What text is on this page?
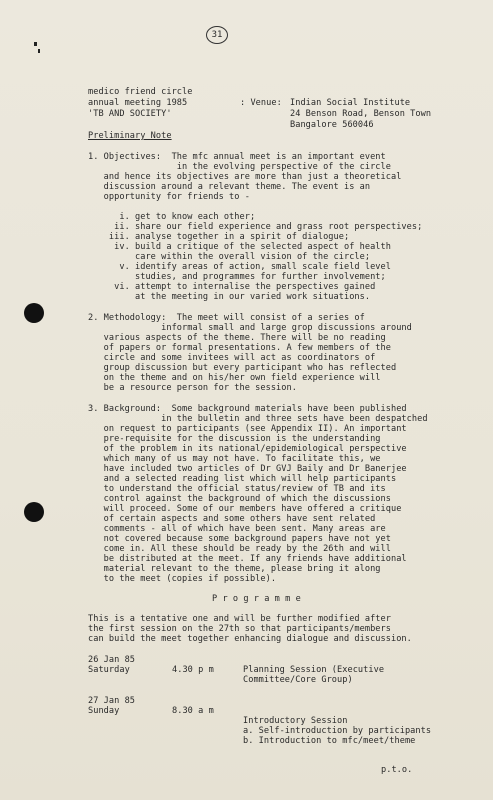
31
medico friend circle
annual meeting 1985
'TB AND SOCIETY'
: Venue: Indian Social Institute
24 Benson Road, Benson Town
Bangalore 560046
Preliminary Note
1. Objectives:  The mfc annual meet is an important event
in the evolving perspective of the circle
and hence its objectives are more than just a theoretical
discussion around a relevant theme. The event is an
opportunity for friends to -
i. get to know each other;
ii. share our field experience and grass root perspectives;
iii. analyse together in a spirit of dialogue;
iv. build a critique of the selected aspect of health
care within the overall vision of the circle;
v. identify areas of action, small scale field level
studies, and programmes for further involvement;
vi. attempt to internalise the perspectives gained
at the meeting in our varied work situations.
2. Methodology:  The meet will consist of a series of
informal small and large grop discussions around
various aspects of the theme. There will be no reading
of papers or formal presentations. A few members of the
circle and some invitees will act as coordinators of
group discussion but every participant who has reflected
on the theme and on his/her own field experience will
be a resource person for the session.
3. Background:  Some background materials have been published
in the bulletin and three sets have been despatched
on request to participants (see Appendix II). An important
pre-requisite for the discussion is the understanding
of the problem in its national/epidemiological perspective
which many of us may not have. To facilitate this, we
have included two articles of Dr GVJ Baily and Dr Banerjee
and a selected reading list which will help participants
to understand the official status/review of TB and its
control against the background of which the discussions
will proceed. Some of our members have offered a critique
of certain aspects and some others have sent related
comments - all of which have been sent. Many areas are
not covered because some background papers have not yet
come in. All these should be ready by the 26th and will
be distributed at the meet. If any friends have additional
material relevant to the theme, please bring it along
to the meet (copies if possible).
P r o g r a m m e
This is a tentative one and will be further modified after
the first session on the 27th so that participants/members
can build the meet together enhancing dialogue and discussion.
26 Jan 85
Saturday	4.30 p m	Planning Session (Executive
Committee/Core Group)
27 Jan 85
Sunday	8.30 a m
Introductory Session
a. Self-introduction by participants
b. Introduction to mfc/meet/theme
p.t.o.
